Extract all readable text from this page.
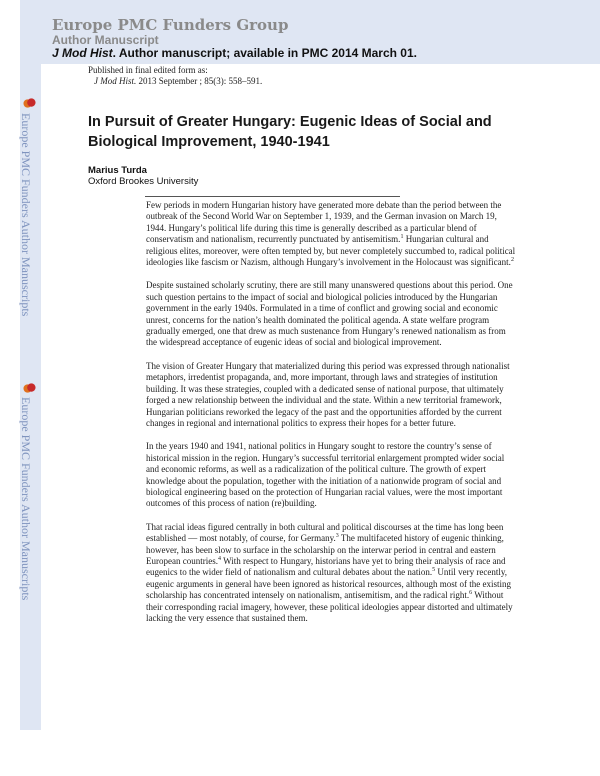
Europe PMC Funders Group
Author Manuscript
J Mod Hist. Author manuscript; available in PMC 2014 March 01.
Europe PMC Funders Author Manuscripts
Europe PMC Funders Author Manuscripts
Published in final edited form as:
J Mod Hist. 2013 September ; 85(3): 558–591.
In Pursuit of Greater Hungary: Eugenic Ideas of Social and Biological Improvement, 1940-1941
Marius Turda
Oxford Brookes University

Few periods in modern Hungarian history have generated more debate than the period between the outbreak of the Second World War on September 1, 1939, and the German invasion on March 19, 1944. Hungary’s political life during this time is generally described as a particular blend of conservatism and nationalism, recurrently punctuated by antisemitism.$^1$ Hungarian cultural and religious elites, moreover, were often tempted by, but never completely succumbed to, radical political ideologies like fascism or Nazism, although Hungary’s involvement in the Holocaust was significant.$^2$

Despite sustained scholarly scrutiny, there are still many unanswered questions about this period. One such question pertains to the impact of social and biological policies introduced by the Hungarian government in the early 1940s. Formulated in a time of conflict and growing social and economic unrest, concerns for the nation’s health dominated the political agenda. A state welfare program gradually emerged, one that drew as much sustenance from Hungary’s renewed nationalism as from the widespread acceptance of eugenic ideas of social and biological improvement.

The vision of Greater Hungary that materialized during this period was expressed through nationalist metaphors, irredentist propaganda, and, more important, through laws and strategies of institution building. It was these strategies, coupled with a dedicated sense of national purpose, that ultimately forged a new relationship between the individual and the state. Within a new territorial framework, Hungarian politicians reworked the legacy of the past and the opportunities afforded by the current changes in regional and international politics to express their hopes for a better future.

In the years 1940 and 1941, national politics in Hungary sought to restore the country’s sense of historical mission in the region. Hungary’s successful territorial enlargement prompted wider social and economic reforms, as well as a radicalization of the political culture. The growth of expert knowledge about the population, together with the initiation of a nationwide program of social and biological engineering based on the protection of Hungarian racial values, were the most important outcomes of this process of nation (re)building.

That racial ideas figured centrally in both cultural and political discourses at the time has long been established — most notably, of course, for Germany.$^3$ The multifaceted history of eugenic thinking, however, has been slow to surface in the scholarship on the interwar period in central and eastern European countries.$^4$ With respect to Hungary, historians have yet to bring their analysis of race and eugenics to the wider field of nationalism and cultural debates about the nation.$^5$ Until very recently, eugenic arguments in general have been ignored as historical resources, although most of the existing scholarship has concentrated intensely on nationalism, antisemitism, and the radical right.$^6$ Without their corresponding racial imagery, however, these political ideologies appear distorted and ultimately lacking the very essence that sustained them.
